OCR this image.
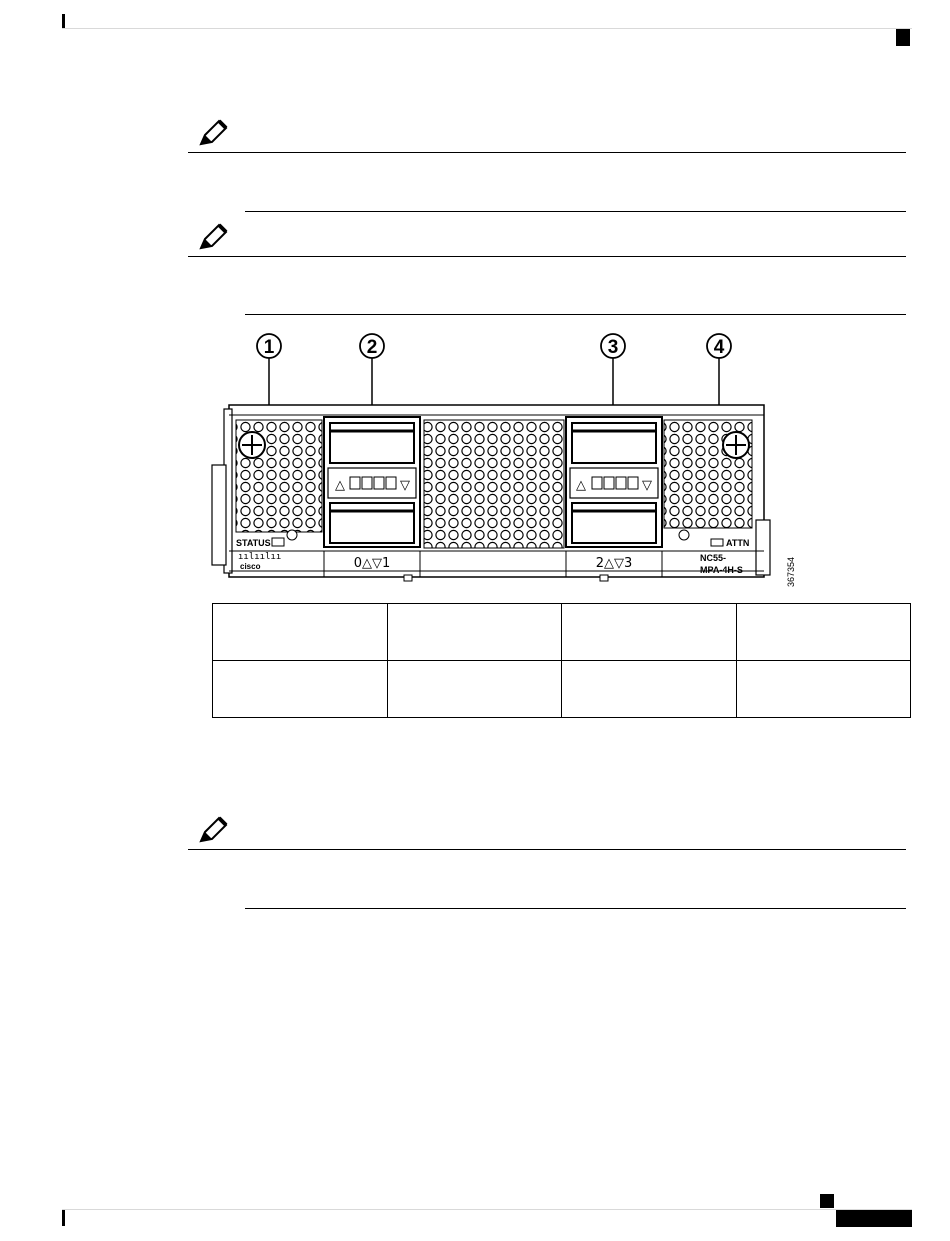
1	2	3	4
△	▽	△	▽
STATUS
ıılıılıı
cisco	0△▽1	2△▽3
ATTN
NC55-
MPA-4H-S	367354
